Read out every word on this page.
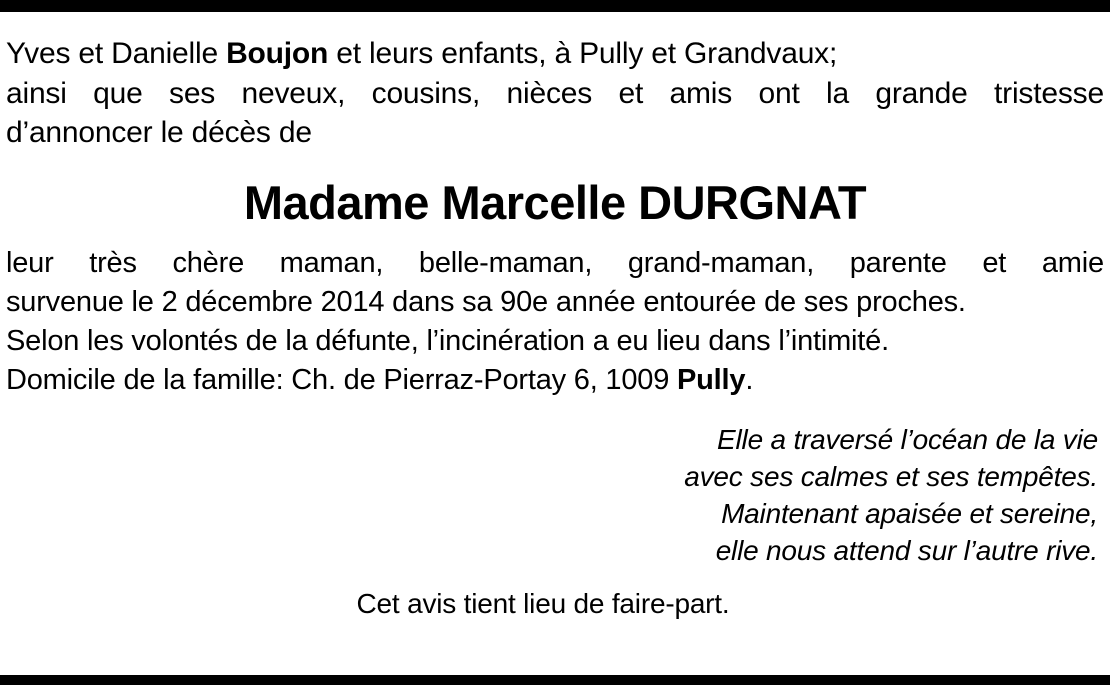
Yves et Danielle Boujon et leurs enfants, à Pully et Grandvaux;
ainsi que ses neveux, cousins, nièces et amis ont la grande tristesse
d’annoncer le décès de
Madame Marcelle DURGNAT
leur très chère maman, belle-maman, grand-maman, parente et amie
survenue le 2 décembre 2014 dans sa 90e année entourée de ses proches.
Selon les volontés de la défunte, l’incinération a eu lieu dans l’intimité.
Domicile de la famille: Ch. de Pierraz-Portay 6, 1009 Pully.
Elle a traversé l’océan de la vie
avec ses calmes et ses tempêtes.
Maintenant apaisée et sereine,
elle nous attend sur l’autre rive.
Cet avis tient lieu de faire-part.
